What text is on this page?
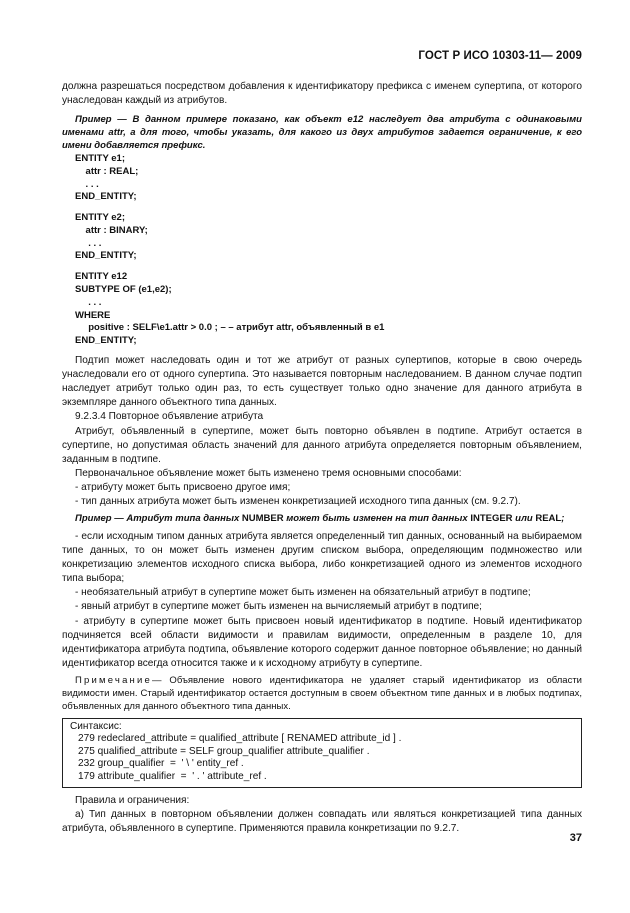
ГОСТ Р ИСО 10303-11— 2009

должна разрешаться посредством добавления к идентификатору префикса с именем супертипа, от которого унаследован каждый из атрибутов.

Пример — В данном примере показано, как объект e12 наследует два атрибута с одинаковыми именами attr, а для того, чтобы указать, для какого из двух атрибутов задается ограничение, к его имени добавляется префикс.

ENTITY e1;

attr : REAL;

. . .

END_ENTITY;

ENTITY e2;

attr : BINARY;

. . .

END_ENTITY;

ENTITY e12

SUBTYPE OF (e1,e2);

. . .

WHERE

positive : SELF\e1.attr > 0.0 ; – – атрибут attr, объявленный в e1

END_ENTITY;

Подтип может наследовать один и тот же атрибут от разных супертипов, которые в свою очередь унаследовали его от одного супертипа. Это называется повторным наследованием. В данном случае подтип наследует атрибут только один раз, то есть существует только одно значение для данного атрибута в экземпляре данного объектного типа данных.

9.2.3.4 Повторное объявление атрибута

Атрибут, объявленный в супертипе, может быть повторно объявлен в подтипе. Атрибут остается в супертипе, но допустимая область значений для данного атрибута определяется повторным объявлением, заданным в подтипе.

Первоначальное объявление может быть изменено тремя основными способами:

- атрибуту может быть присвоено другое имя;

- тип данных атрибута может быть изменен конкретизацией исходного типа данных (см. 9.2.7).

Пример — Атрибут типа данных NUMBER может быть изменен на тип данных INTEGER или REAL;

- если исходным типом данных атрибута является определенный тип данных, основанный на выбираемом типе данных, то он может быть изменен другим списком выбора, определяющим подмножество или конкретизацию элементов исходного списка выбора, либо конкретизацией одного из элементов исходного типа выбора;

- необязательный атрибут в супертипе может быть изменен на обязательный атрибут в подтипе;

- явный атрибут в супертипе может быть изменен на вычисляемый атрибут в подтипе;

- атрибуту в супертипе может быть присвоен новый идентификатор в подтипе. Новый идентификатор подчиняется всей области видимости и правилам видимости, определенным в разделе 10, для идентификатора атрибута подтипа, объявление которого содержит данное повторное объявление; но данный идентификатор всегда относится также и к исходному атрибуту в супертипе.

Примечание— Объявление нового идентификатора не удаляет старый идентификатор из области видимости имен. Старый идентификатор остается доступным в своем объектном типе данных и в любых подтипах, объявленных для данного объектного типа данных.

Синтаксис:

279 redeclared_attribute = qualified_attribute [ RENAMED attribute_id ] .

275 qualified_attribute = SELF group_qualifier attribute_qualifier .

232 group_qualifier  =  ' \ ' entity_ref .

179 attribute_qualifier  =  ' . ' attribute_ref .

Правила и ограничения:

а) Тип данных в повторном объявлении должен совпадать или являться конкретизацией типа данных атрибута, объявленного в супертипе. Применяются правила конкретизации по 9.2.7.

37
